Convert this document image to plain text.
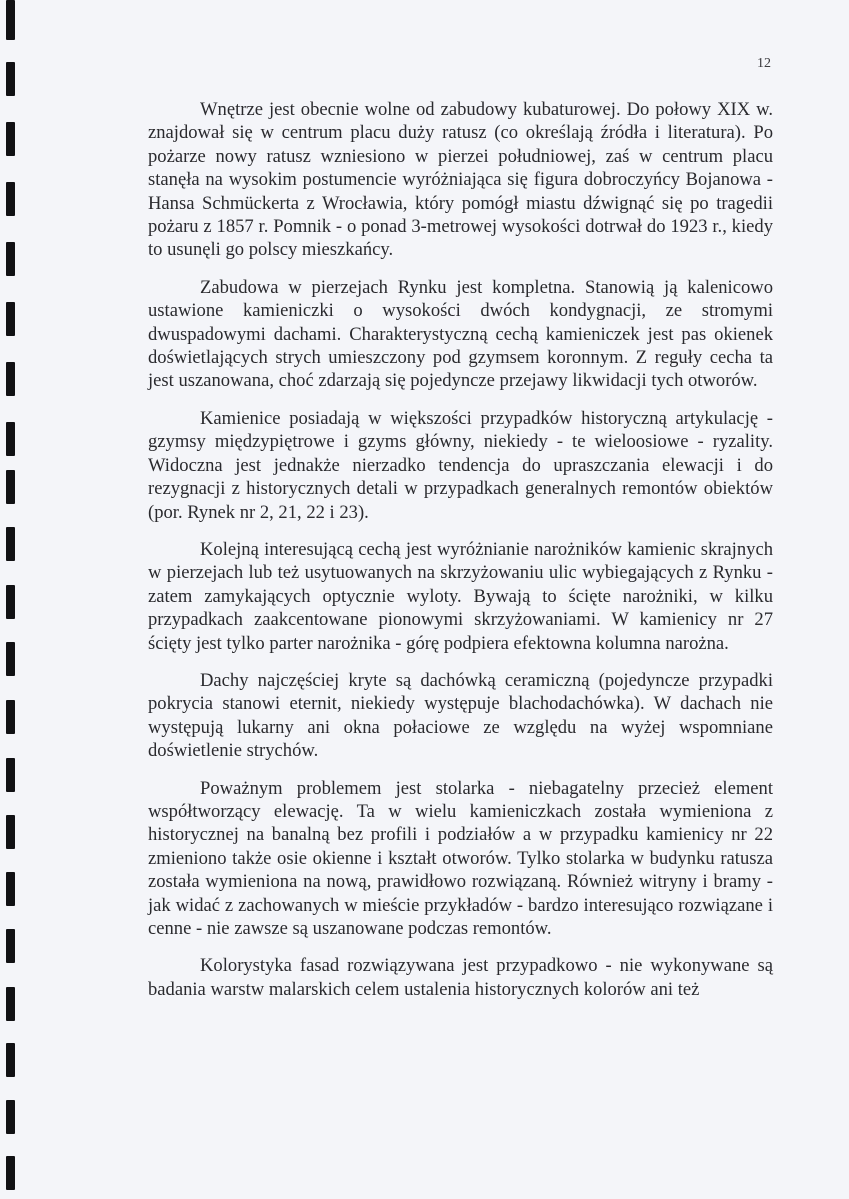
12

Wnętrze jest obecnie wolne od zabudowy kubaturowej. Do połowy XIX w. znajdował się w centrum placu duży ratusz (co określają źródła i literatura). Po pożarze nowy ratusz wzniesiono w pierzei południowej, zaś w centrum placu stanęła na wysokim postumencie wyróżniająca się figura dobroczyńcy Bojanowa - Hansa Schmückerta z Wrocławia, który pomógł miastu dźwignąć się po tragedii pożaru z 1857 r. Pomnik - o ponad 3-metrowej wysokości dotrwał do 1923 r., kiedy to usunęli go polscy mieszkańcy.

Zabudowa w pierzejach Rynku jest kompletna. Stanowią ją kalenicowo ustawione kamieniczki o wysokości dwóch kondygnacji, ze stromymi dwuspadowymi dachami. Charakterystyczną cechą kamieniczek jest pas okienek doświetlających strych umieszczony pod gzymsem koronnym. Z reguły cecha ta jest uszanowana, choć zdarzają się pojedyncze przejawy likwidacji tych otworów.

Kamienice posiadają w większości przypadków historyczną artykulację - gzymsy międzypiętrowe i gzyms główny, niekiedy - te wieloosiowe - ryzality. Widoczna jest jednakże nierzadko tendencja do upraszczania elewacji i do rezygnacji z historycznych detali w przypadkach generalnych remontów obiektów (por. Rynek nr 2, 21, 22 i 23).

Kolejną interesującą cechą jest wyróżnianie narożników kamienic skrajnych w pierzejach lub też usytuowanych na skrzyżowaniu ulic wybiegających z Rynku - zatem zamykających optycznie wyloty. Bywają to ścięte narożniki, w kilku przypadkach zaakcentowane pionowymi skrzyżowaniami. W kamienicy nr 27 ścięty jest tylko parter narożnika - górę podpiera efektowna kolumna narożna.

Dachy najczęściej kryte są dachówką ceramiczną (pojedyncze przypadki pokrycia stanowi eternit, niekiedy występuje blachodachówka). W dachach nie występują lukarny ani okna połaciowe ze względu na wyżej wspomniane doświetlenie strychów.

Poważnym problemem jest stolarka - niebagatelny przecież element współtworzący elewację. Ta w wielu kamieniczkach została wymieniona z historycznej na banalną bez profili i podziałów a w przypadku kamienicy nr 22 zmieniono także osie okienne i kształt otworów. Tylko stolarka w budynku ratusza została wymieniona na nową, prawidłowo rozwiązaną. Również witryny i bramy - jak widać z zachowanych w mieście przykładów - bardzo interesująco rozwiązane i cenne - nie zawsze są uszanowane podczas remontów.

Kolorystyka fasad rozwiązywana jest przypadkowo - nie wykonywane są badania warstw malarskich celem ustalenia historycznych kolorów ani też
